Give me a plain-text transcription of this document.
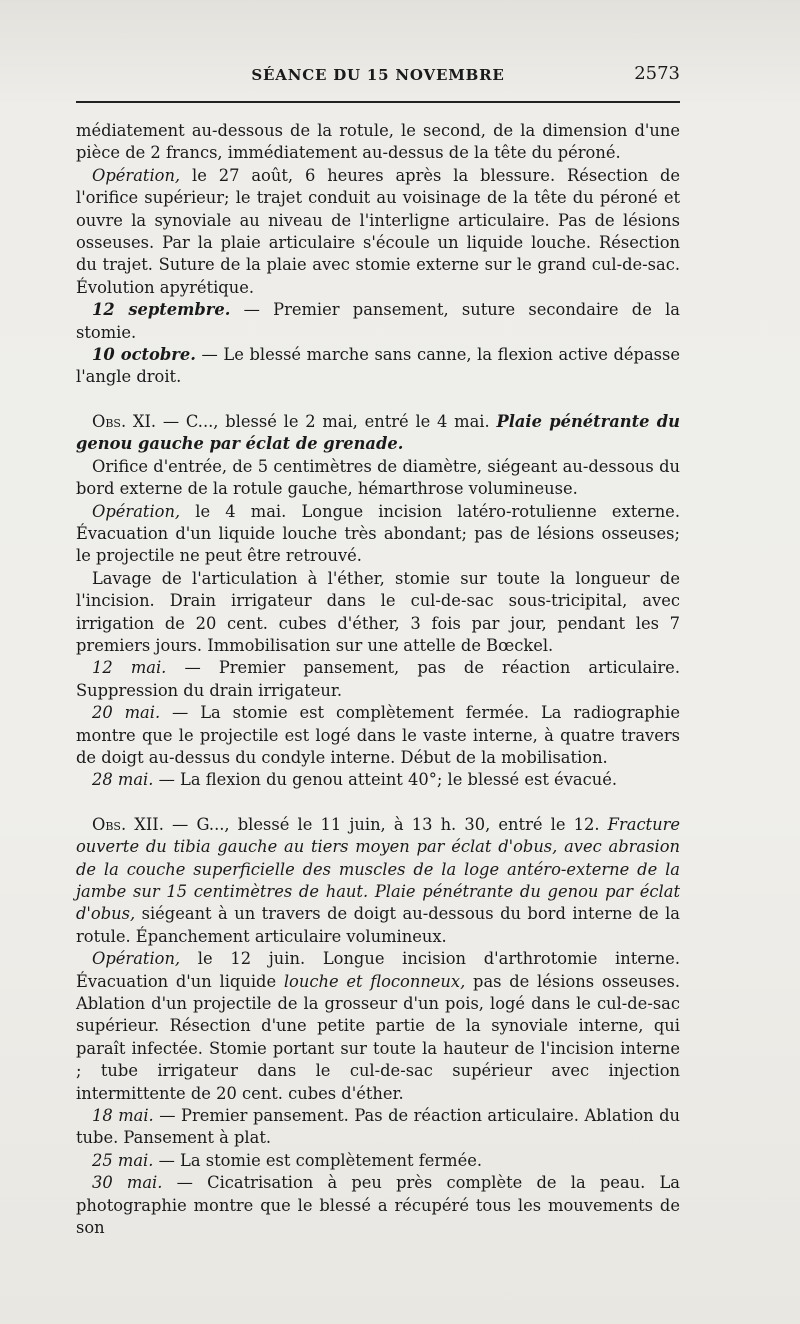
SÉANCE DU 15 NOVEMBRE	2573

médiatement au-dessous de la rotule, le second, de la dimension d'une pièce de 2 francs, immédiatement au-dessus de la tête du péroné.

Opération, le 27 août, 6 heures après la blessure. Résection de l'orifice supérieur; le trajet conduit au voisinage de la tête du péroné et ouvre la synoviale au niveau de l'interligne articulaire. Pas de lésions osseuses. Par la plaie articulaire s'écoule un liquide louche. Résection du trajet. Suture de la plaie avec stomie externe sur le grand cul-de-sac. Évolution apyrétique.

12 septembre. — Premier pansement, suture secondaire de la stomie.

10 octobre. — Le blessé marche sans canne, la flexion active dépasse l'angle droit.

Obs. XI. — C..., blessé le 2 mai, entré le 4 mai. Plaie pénétrante du genou gauche par éclat de grenade.

Orifice d'entrée, de 5 centimètres de diamètre, siégeant au-dessous du bord externe de la rotule gauche, hémarthrose volumineuse.

Opération, le 4 mai. Longue incision latéro-rotulienne externe. Évacuation d'un liquide louche très abondant; pas de lésions osseuses; le projectile ne peut être retrouvé.

Lavage de l'articulation à l'éther, stomie sur toute la longueur de l'incision. Drain irrigateur dans le cul-de-sac sous-tricipital, avec irrigation de 20 cent. cubes d'éther, 3 fois par jour, pendant les 7 premiers jours. Immobilisation sur une attelle de Bœckel.

12 mai. — Premier pansement, pas de réaction articulaire. Suppression du drain irrigateur.

20 mai. — La stomie est complètement fermée. La radiographie montre que le projectile est logé dans le vaste interne, à quatre travers de doigt au-dessus du condyle interne. Début de la mobilisation.

28 mai. — La flexion du genou atteint 40°; le blessé est évacué.

Obs. XII. — G..., blessé le 11 juin, à 13 h. 30, entré le 12. Fracture ouverte du tibia gauche au tiers moyen par éclat d'obus, avec abrasion de la couche superficielle des muscles de la loge antéro-externe de la jambe sur 15 centimètres de haut. Plaie pénétrante du genou par éclat d'obus, siégeant à un travers de doigt au-dessous du bord interne de la rotule. Épanchement articulaire volumineux.

Opération, le 12 juin. Longue incision d'arthrotomie interne. Évacuation d'un liquide louche et floconneux, pas de lésions osseuses. Ablation d'un projectile de la grosseur d'un pois, logé dans le cul-de-sac supérieur. Résection d'une petite partie de la synoviale interne, qui paraît infectée. Stomie portant sur toute la hauteur de l'incision interne ; tube irrigateur dans le cul-de-sac supérieur avec injection intermittente de 20 cent. cubes d'éther.

18 mai. — Premier pansement. Pas de réaction articulaire. Ablation du tube. Pansement à plat.

25 mai. — La stomie est complètement fermée.

30 mai. — Cicatrisation à peu près complète de la peau. La photographie montre que le blessé a récupéré tous les mouvements de son
